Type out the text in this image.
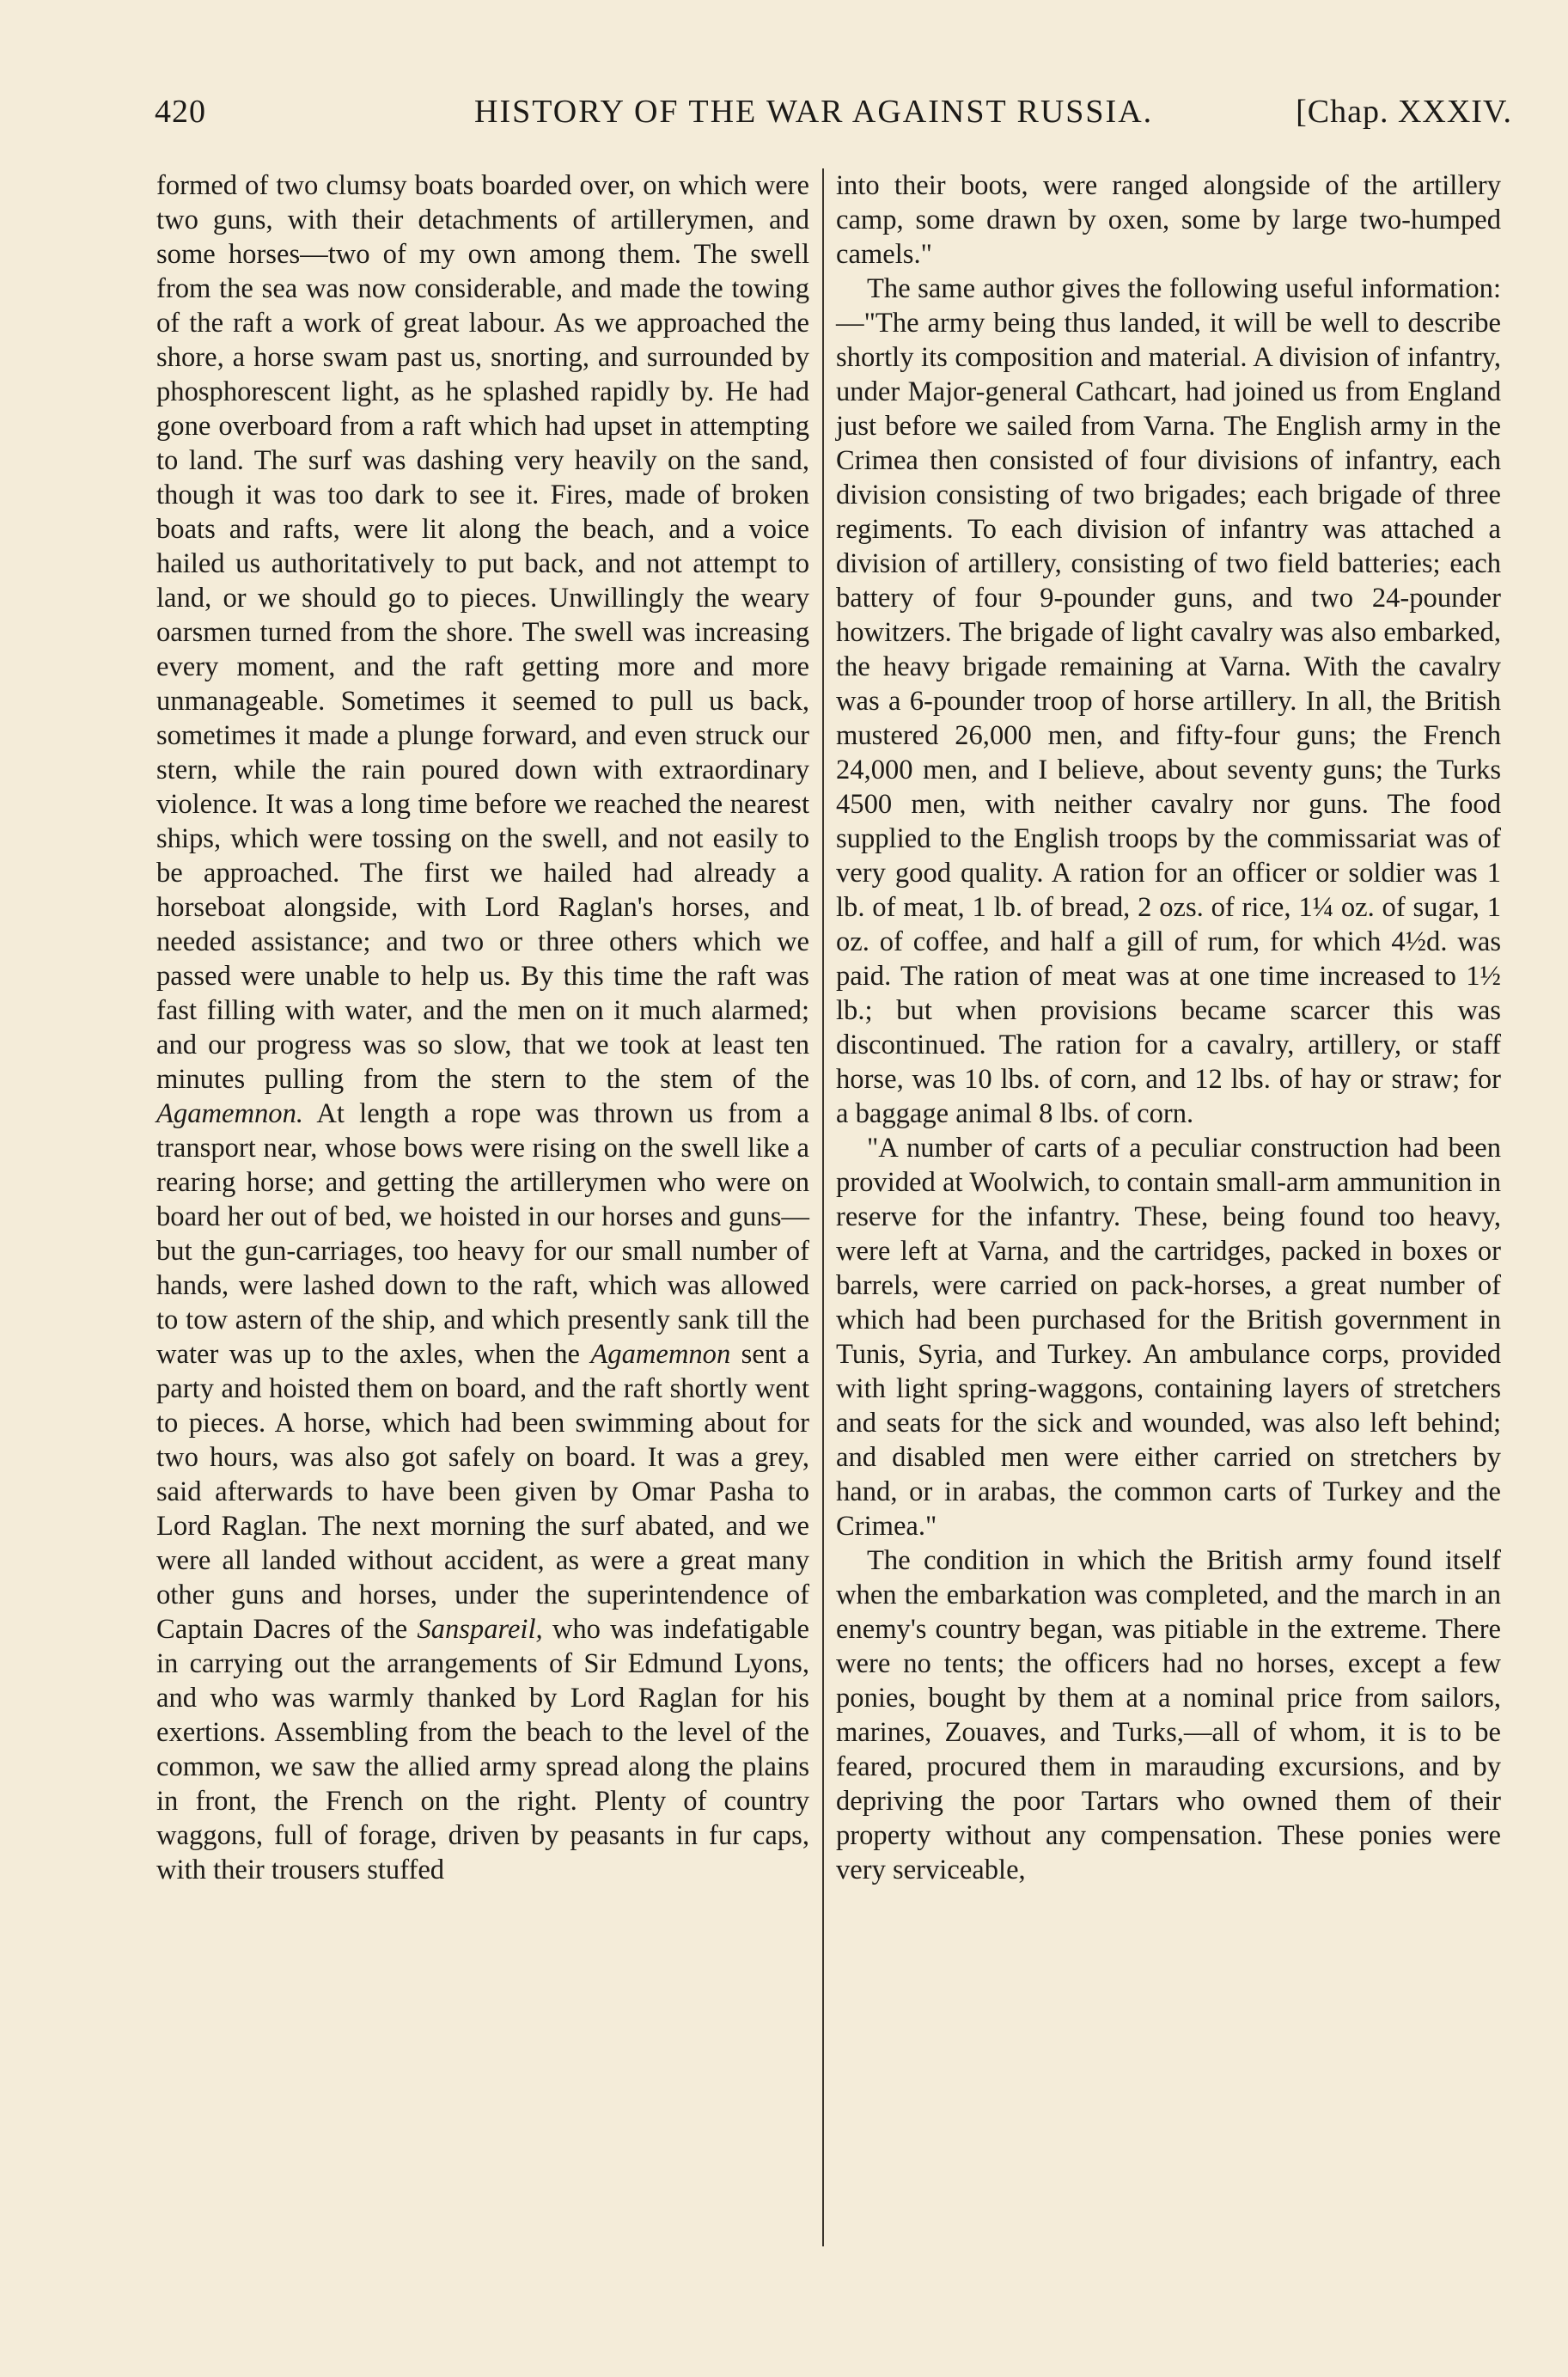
420	HISTORY OF THE WAR AGAINST RUSSIA.	[Chap. XXXIV.

formed of two clumsy boats boarded over, on which were two guns, with their detachments of artillerymen, and some horses—two of my own among them. The swell from the sea was now considerable, and made the towing of the raft a work of great labour. As we approached the shore, a horse swam past us, snorting, and surrounded by phosphorescent light, as he splashed rapidly by. He had gone overboard from a raft which had upset in attempting to land. The surf was dashing very heavily on the sand, though it was too dark to see it. Fires, made of broken boats and rafts, were lit along the beach, and a voice hailed us authoritatively to put back, and not attempt to land, or we should go to pieces. Unwillingly the weary oarsmen turned from the shore. The swell was increasing every moment, and the raft getting more and more unmanageable. Sometimes it seemed to pull us back, sometimes it made a plunge forward, and even struck our stern, while the rain poured down with extraordinary violence. It was a long time before we reached the nearest ships, which were tossing on the swell, and not easily to be approached. The first we hailed had already a horseboat alongside, with Lord Raglan's horses, and needed assistance; and two or three others which we passed were unable to help us. By this time the raft was fast filling with water, and the men on it much alarmed; and our progress was so slow, that we took at least ten minutes pulling from the stern to the stem of the Agamemnon. At length a rope was thrown us from a transport near, whose bows were rising on the swell like a rearing horse; and getting the artillerymen who were on board her out of bed, we hoisted in our horses and guns—but the gun-carriages, too heavy for our small number of hands, were lashed down to the raft, which was allowed to tow astern of the ship, and which presently sank till the water was up to the axles, when the Agamemnon sent a party and hoisted them on board, and the raft shortly went to pieces. A horse, which had been swimming about for two hours, was also got safely on board. It was a grey, said afterwards to have been given by Omar Pasha to Lord Raglan. The next morning the surf abated, and we were all landed without accident, as were a great many other guns and horses, under the superintendence of Captain Dacres of the Sanspareil, who was indefatigable in carrying out the arrangements of Sir Edmund Lyons, and who was warmly thanked by Lord Raglan for his exertions. Assembling from the beach to the level of the common, we saw the allied army spread along the plains in front, the French on the right. Plenty of country waggons, full of forage, driven by peasants in fur caps, with their trousers stuffed

into their boots, were ranged alongside of the artillery camp, some drawn by oxen, some by large two-humped camels."

The same author gives the following useful information:—"The army being thus landed, it will be well to describe shortly its composition and material. A division of infantry, under Major-general Cathcart, had joined us from England just before we sailed from Varna. The English army in the Crimea then consisted of four divisions of infantry, each division consisting of two brigades; each brigade of three regiments. To each division of infantry was attached a division of artillery, consisting of two field batteries; each battery of four 9-pounder guns, and two 24-pounder howitzers. The brigade of light cavalry was also embarked, the heavy brigade remaining at Varna. With the cavalry was a 6-pounder troop of horse artillery. In all, the British mustered 26,000 men, and fifty-four guns; the French 24,000 men, and I believe, about seventy guns; the Turks 4500 men, with neither cavalry nor guns. The food supplied to the English troops by the commissariat was of very good quality. A ration for an officer or soldier was 1 lb. of meat, 1 lb. of bread, 2 ozs. of rice, 1¼ oz. of sugar, 1 oz. of coffee, and half a gill of rum, for which 4½d. was paid. The ration of meat was at one time increased to 1½ lb.; but when provisions became scarcer this was discontinued. The ration for a cavalry, artillery, or staff horse, was 10 lbs. of corn, and 12 lbs. of hay or straw; for a baggage animal 8 lbs. of corn.

"A number of carts of a peculiar construction had been provided at Woolwich, to contain small-arm ammunition in reserve for the infantry. These, being found too heavy, were left at Varna, and the cartridges, packed in boxes or barrels, were carried on pack-horses, a great number of which had been purchased for the British government in Tunis, Syria, and Turkey. An ambulance corps, provided with light spring-waggons, containing layers of stretchers and seats for the sick and wounded, was also left behind; and disabled men were either carried on stretchers by hand, or in arabas, the common carts of Turkey and the Crimea."

The condition in which the British army found itself when the embarkation was completed, and the march in an enemy's country began, was pitiable in the extreme. There were no tents; the officers had no horses, except a few ponies, bought by them at a nominal price from sailors, marines, Zouaves, and Turks,—all of whom, it is to be feared, procured them in marauding excursions, and by depriving the poor Tartars who owned them of their property without any compensation. These ponies were very serviceable,
